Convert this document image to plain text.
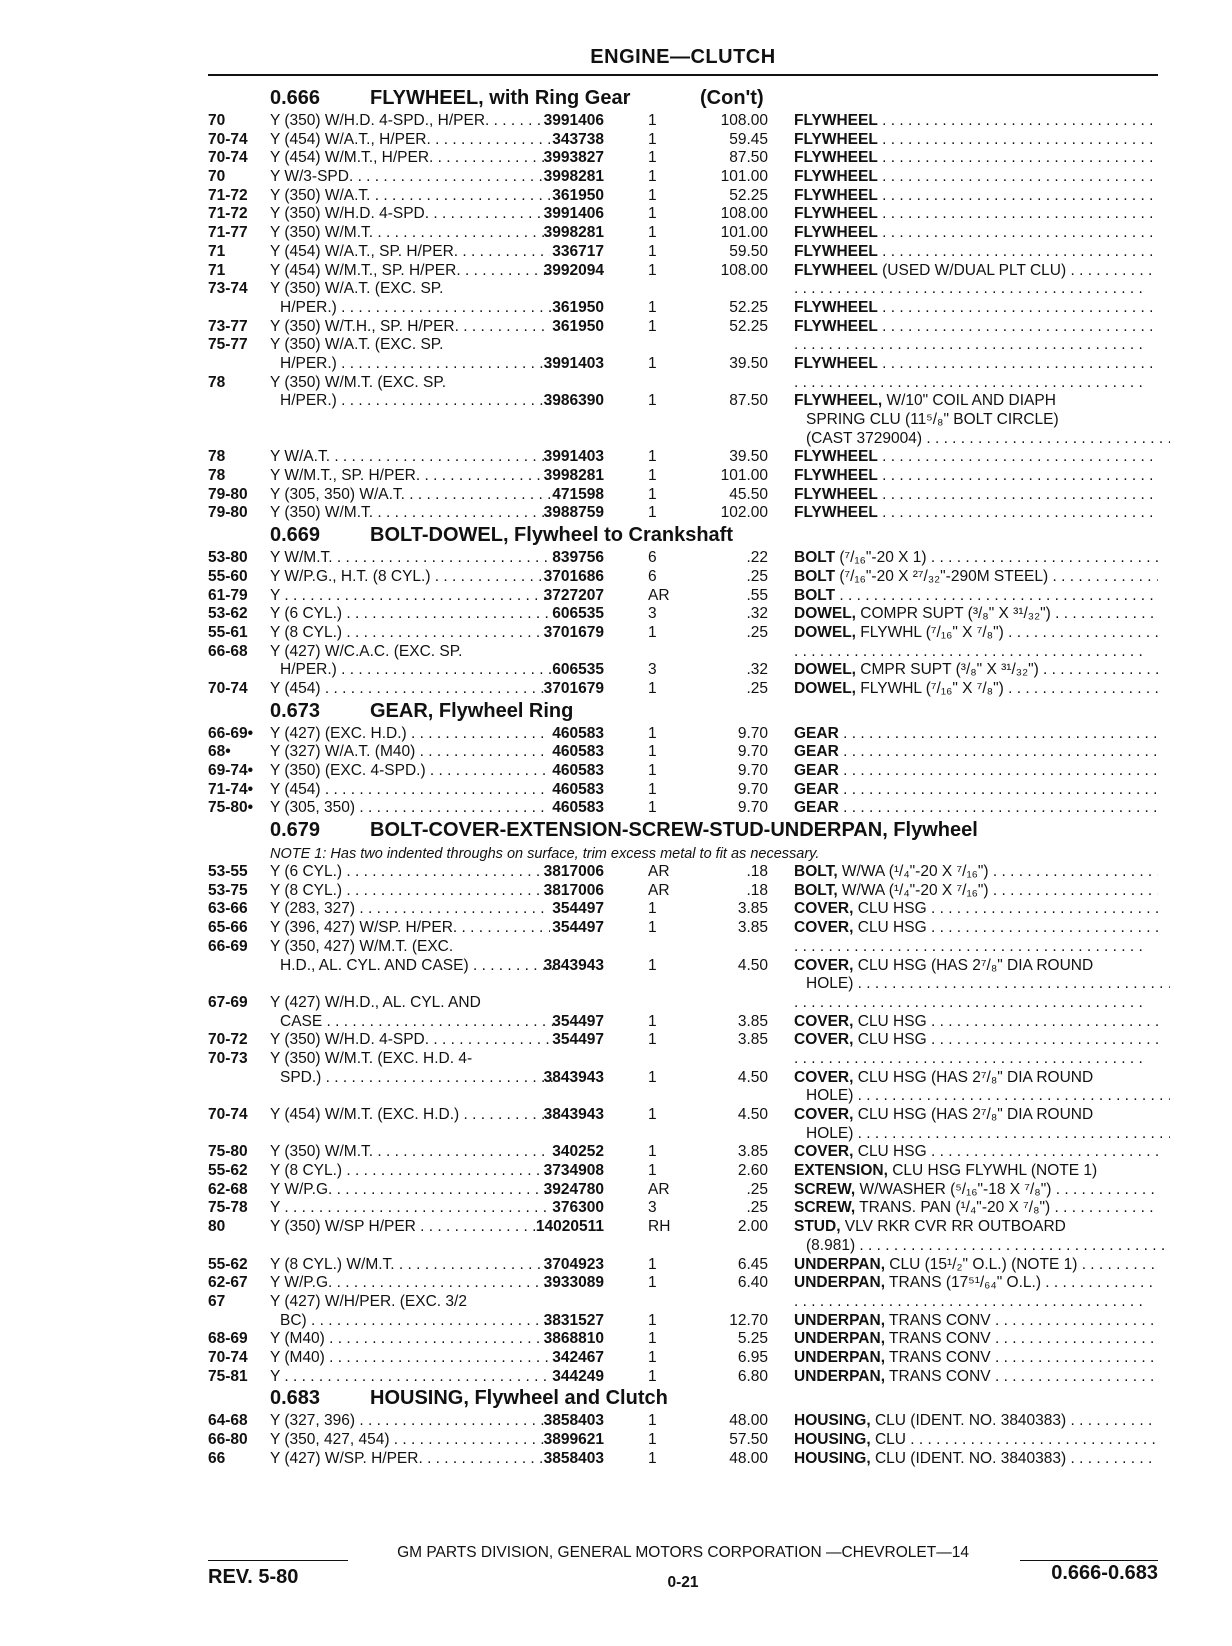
ENGINE—CLUTCH
0.666 FLYWHEEL, with Ring Gear	(Con't)
70	Y (350) W/H.D. 4-SPD., H/PER. . . .	3991406	1	108.00 FLYWHEEL . . .
70-74 Y (454) W/A.T., H/PER. . . .	343738	1	59.45 FLYWHEEL . . .
70-74 Y (454) W/M.T., H/PER. . . .	3993827	1	87.50 FLYWHEEL . . .
70	Y W/3-SPD. . . .	3998281	1	101.00 FLYWHEEL . . .
71-72 Y (350) W/A.T. . . .	361950	1	52.25 FLYWHEEL . . .
71-72 Y (350) W/H.D. 4-SPD. . . .	3991406	1	108.00 FLYWHEEL . . .
71-77 Y (350) W/M.T. . . .	3998281	1	101.00 FLYWHEEL . . .
71	Y (454) W/A.T., SP. H/PER. . . .	336717	1	59.50 FLYWHEEL . . .
71	Y (454) W/M.T., SP. H/PER. . . .	3992094	1	108.00 FLYWHEEL (USED W/DUAL PLT CLU) . . .
73-74 Y (350) W/A.T. (EXC. SP.
. . .
H/PER.) . . .	361950	1	52.25 FLYWHEEL . . .
73-77 Y (350) W/T.H., SP. H/PER. . . .	361950	1	52.25 FLYWHEEL . . .
75-77 Y (350) W/A.T. (EXC. SP.
. . .
H/PER.) . . .	3991403	1	39.50 FLYWHEEL . . .
78	Y (350) W/M.T. (EXC. SP.
. . .
H/PER.) . . .	3986390	1	87.50 FLYWHEEL, W/10" COIL AND DIAPH
SPRING CLU (11⁵/₈" BOLT CIRCLE)
(CAST 3729004) . . .
78	Y W/A.T. . . .	3991403	1	39.50 FLYWHEEL . . .
78	Y W/M.T., SP. H/PER. . . .	3998281	1	101.00 FLYWHEEL . . .
79-80 Y (305, 350) W/A.T. . . .	471598	1	45.50 FLYWHEEL . . .
79-80 Y (350) W/M.T. . . .	3988759	1	102.00 FLYWHEEL . . .
0.669 BOLT-DOWEL, Flywheel to Crankshaft
53-80 Y W/M.T. . . .	839756	6	.22 BOLT (⁷/₁₆"-20 X 1) . . .
55-60 Y W/P.G., H.T. (8 CYL.) . . .	3701686	6	.25 BOLT (⁷/₁₆"-20 X ²⁷/₃₂"-290M STEEL) . . .
61-79 Y . . .	3727207	AR	.55 BOLT . . .
53-62 Y (6 CYL.) . . .	606535	3	.32 DOWEL, COMPR SUPT (³/₈" X ³¹/₃₂") . . .
55-61 Y (8 CYL.) . . .	3701679	1	.25 DOWEL, FLYWHL (⁷/₁₆" X ⁷/₈") . . .
66-68 Y (427) W/C.A.C. (EXC. SP.
. . .
H/PER.) . . .	606535	3	.32 DOWEL, CMPR SUPT (³/₈" X ³¹/₃₂") . . .
70-74 Y (454) . . .	3701679	1	.25 DOWEL, FLYWHL (⁷/₁₆" X ⁷/₈") . . .
0.673 GEAR, Flywheel Ring
66-69• Y (427) (EXC. H.D.) . . .	460583	1	9.70 GEAR . . .
68•	Y (327) W/A.T. (M40) . . .	460583	1	9.70 GEAR . . .
69-74• Y (350) (EXC. 4-SPD.) . . .	460583	1	9.70 GEAR . . .
71-74• Y (454) . . .	460583	1	9.70 GEAR . . .
75-80• Y (305, 350) . . .	460583	1	9.70 GEAR . . .
0.679 BOLT-COVER-EXTENSION-SCREW-STUD-UNDERPAN, Flywheel
NOTE 1: Has two indented throughs on surface, trim excess metal to fit as necessary.
53-55 Y (6 CYL.) . . .	3817006	AR	.18 BOLT, W/WA (¹/₄"-20 X ⁷/₁₆") . . .
53-75 Y (8 CYL.) . . .	3817006	AR	.18 BOLT, W/WA (¹/₄"-20 X ⁷/₁₆") . . .
63-66 Y (283, 327) . . .	354497	1	3.85 COVER, CLU HSG . . .
65-66 Y (396, 427) W/SP. H/PER. . . .	354497	1	3.85 COVER, CLU HSG . . .
66-69 Y (350, 427) W/M.T. (EXC.
. . .
H.D., AL. CYL. AND CASE) . . .	3843943	1	4.50 COVER, CLU HSG (HAS 2⁷/₈" DIA ROUND
HOLE) . . .
67-69 Y (427) W/H.D., AL. CYL. AND
. . .
CASE . . .	354497	1	3.85 COVER, CLU HSG . . .
70-72 Y (350) W/H.D. 4-SPD. . . .	354497	1	3.85 COVER, CLU HSG . . .
70-73 Y (350) W/M.T. (EXC. H.D. 4-
. . .
SPD.) . . .	3843943	1	4.50 COVER, CLU HSG (HAS 2⁷/₈" DIA ROUND
HOLE) . . .
70-74 Y (454) W/M.T. (EXC. H.D.) . . .	3843943	1	4.50 COVER, CLU HSG (HAS 2⁷/₈" DIA ROUND
HOLE) . . .
75-80 Y (350) W/M.T. . . .	340252	1	3.85 COVER, CLU HSG . . .
55-62 Y (8 CYL.) . . .	3734908	1	2.60 EXTENSION, CLU HSG FLYWHL (NOTE 1)
62-68 Y W/P.G. . . .	3924780	AR	.25 SCREW, W/WASHER (⁵/₁₆"-18 X ⁷/₈") . . .
75-78 Y . . .	376300	3	.25 SCREW, TRANS. PAN (¹/₄"-20 X ⁷/₈") . . .
80	Y (350) W/SP H/PER . . .	14020511	RH	2.00 STUD, VLV RKR CVR RR OUTBOARD
(8.981) . . .
55-62 Y (8 CYL.) W/M.T. . . .	3704923	1	6.45 UNDERPAN, CLU (15¹/₂" O.L.) (NOTE 1) . . .
62-67 Y W/P.G. . . .	3933089	1	6.40 UNDERPAN, TRANS (17⁵¹/₆₄" O.L.) . . .
67	Y (427) W/H/PER. (EXC. 3/2
. . .
BC) . . .	3831527	1	12.70 UNDERPAN, TRANS CONV . . .
68-69 Y (M40) . . .	3868810	1	5.25 UNDERPAN, TRANS CONV . . .
70-74 Y (M40) . . .	342467	1	6.95 UNDERPAN, TRANS CONV . . .
75-81 Y . . .	344249	1	6.80 UNDERPAN, TRANS CONV . . .
0.683 HOUSING, Flywheel and Clutch
64-68 Y (327, 396) . . .	3858403	1	48.00 HOUSING, CLU (IDENT. NO. 3840383) . . .
66-80 Y (350, 427, 454) . . .	3899621	1	57.50 HOUSING, CLU . . .
66	Y (427) W/SP. H/PER. . . .	3858403	1	48.00 HOUSING, CLU (IDENT. NO. 3840383) . . .
GM PARTS DIVISION, GENERAL MOTORS CORPORATION —CHEVROLET—14
REV. 5-80	0-21	0.666-0.683
